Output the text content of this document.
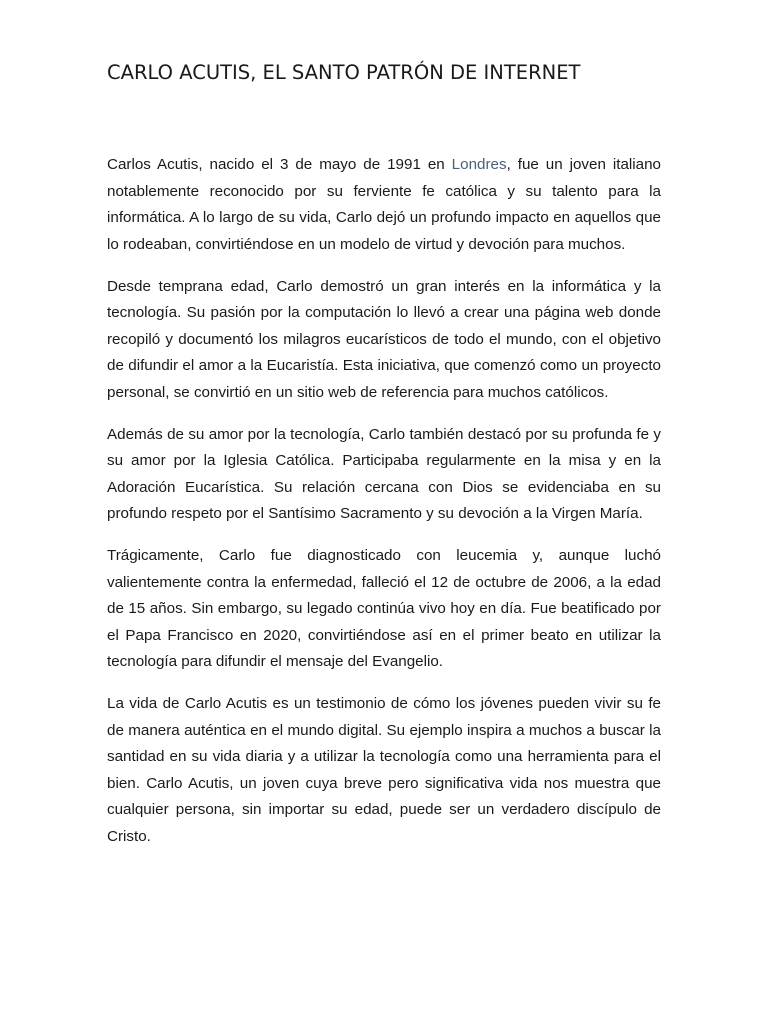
CARLO ACUTIS, EL SANTO PATRÓN DE INTERNET

Carlos Acutis, nacido el 3 de mayo de 1991 en Londres, fue un joven italiano notablemente reconocido por su ferviente fe católica y su talento para la informática. A lo largo de su vida, Carlo dejó un profundo impacto en aquellos que lo rodeaban, convirtiéndose en un modelo de virtud y devoción para muchos.

Desde temprana edad, Carlo demostró un gran interés en la informática y la tecnología. Su pasión por la computación lo llevó a crear una página web donde recopiló y documentó los milagros eucarísticos de todo el mundo, con el objetivo de difundir el amor a la Eucaristía. Esta iniciativa, que comenzó como un proyecto personal, se convirtió en un sitio web de referencia para muchos católicos.

Además de su amor por la tecnología, Carlo también destacó por su profunda fe y su amor por la Iglesia Católica. Participaba regularmente en la misa y en la Adoración Eucarística. Su relación cercana con Dios se evidenciaba en su profundo respeto por el Santísimo Sacramento y su devoción a la Virgen María.

Trágicamente, Carlo fue diagnosticado con leucemia y, aunque luchó valientemente contra la enfermedad, falleció el 12 de octubre de 2006, a la edad de 15 años. Sin embargo, su legado continúa vivo hoy en día. Fue beatificado por el Papa Francisco en 2020, convirtiéndose así en el primer beato en utilizar la tecnología para difundir el mensaje del Evangelio.

La vida de Carlo Acutis es un testimonio de cómo los jóvenes pueden vivir su fe de manera auténtica en el mundo digital. Su ejemplo inspira a muchos a buscar la santidad en su vida diaria y a utilizar la tecnología como una herramienta para el bien. Carlo Acutis, un joven cuya breve pero significativa vida nos muestra que cualquier persona, sin importar su edad, puede ser un verdadero discípulo de Cristo.
